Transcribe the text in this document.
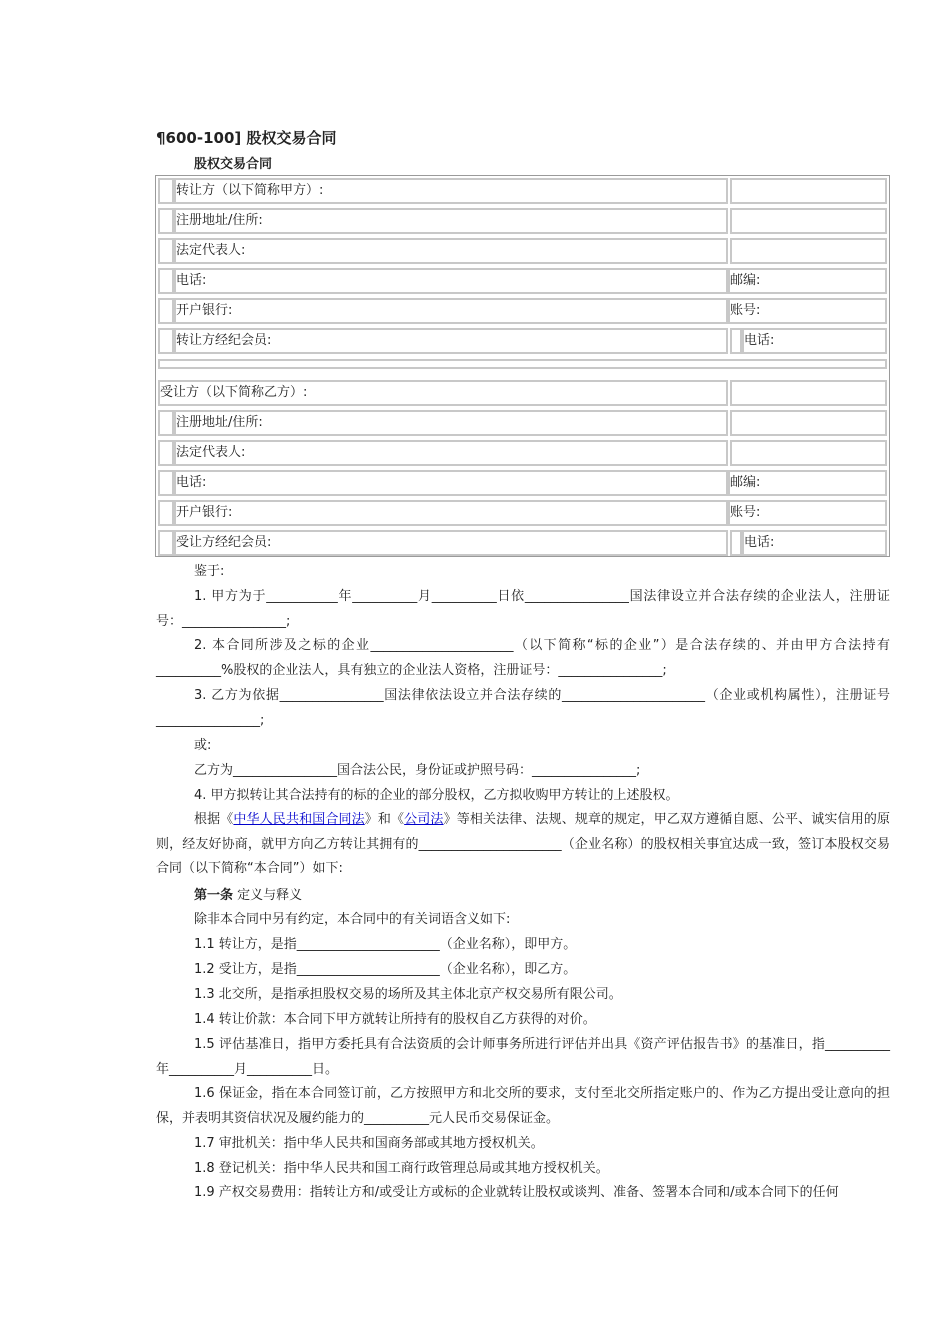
¶600-100] 股权交易合同
股权交易合同
转让方（以下简称甲方）:
注册地址/住所:
法定代表人:
电话:	邮编:
开户银行:	账号:
转让方经纪会员:	电话:
受让方（以下简称乙方）:
注册地址/住所:
法定代表人:
电话:	邮编:
开户银行:	账号:
受让方经纪会员:	电话:
鉴于:

1. 甲方为于___________年__________月__________日依________________国法律设立并合法存续的企业法人，注册证号：________________;

2. 本合同所涉及之标的企业______________________（以下简称“标的企业”）是合法存续的、并由甲方合法持有__________%股权的企业法人，具有独立的企业法人资格，注册证号：________________;

3. 乙方为依据________________国法律依法设立并合法存续的______________________（企业或机构属性），注册证号________________;

或:
乙方为________________国合法公民，身份证或护照号码：________________;
4. 甲方拟转让其合法持有的标的企业的部分股权，乙方拟收购甲方转让的上述股权。

根据《中华人民共和国合同法》和《公司法》等相关法律、法规、规章的规定，甲乙双方遵循自愿、公平、诚实信用的原则，经友好协商，就甲方向乙方转让其拥有的______________________（企业名称）的股权相关事宜达成一致，签订本股权交易合同（以下简称“本合同”）如下:

第一条 定义与释义
除非本合同中另有约定，本合同中的有关词语含义如下:
1.1 转让方，是指______________________（企业名称），即甲方。
1.2 受让方，是指______________________（企业名称），即乙方。
1.3 北交所，是指承担股权交易的场所及其主体北京产权交易所有限公司。
1.4 转让价款：本合同下甲方就转让所持有的股权自乙方获得的对价。

1.5 评估基准日，指甲方委托具有合法资质的会计师事务所进行评估并出具《资产评估报告书》的基准日，指__________年__________月__________日。

1.6 保证金，指在本合同签订前，乙方按照甲方和北交所的要求，支付至北交所指定账户的、作为乙方提出受让意向的担保，并表明其资信状况及履约能力的__________元人民币交易保证金。

1.7 审批机关：指中华人民共和国商务部或其地方授权机关。
1.8 登记机关：指中华人民共和国工商行政管理总局或其地方授权机关。

1.9 产权交易费用：指转让方和/或受让方或标的企业就转让股权或谈判、准备、签署本合同和/或本合同下的任何
